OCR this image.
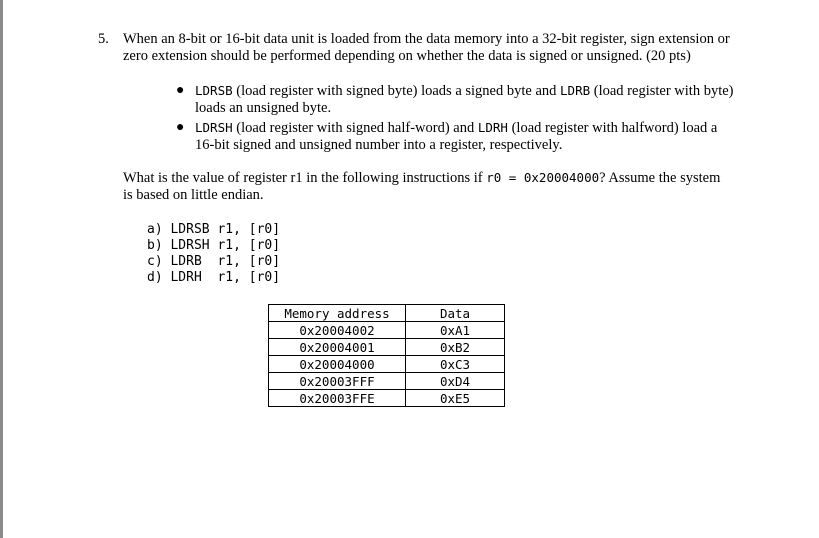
5. When an 8-bit or 16-bit data unit is loaded from the data memory into a 32-bit register, sign extension or zero extension should be performed depending on whether the data is signed or unsigned. (20 pts)
● LDRSB (load register with signed byte) loads a signed byte and LDRB (load register with byte) loads an unsigned byte.
● LDRSH (load register with signed half-word) and LDRH (load register with halfword) load a 16-bit signed and unsigned number into a register, respectively.
What is the value of register r1 in the following instructions if r0 = 0x20004000? Assume the system is based on little endian.
a) LDRSB r1, [r0]
b) LDRSH r1, [r0]
c) LDRB  r1, [r0]
d) LDRH  r1, [r0]
Memory address	Data
0x20004002	0xA1
0x20004001	0xB2
0x20004000	0xC3
0x20003FFF	0xD4
0x20003FFE	0xE5
